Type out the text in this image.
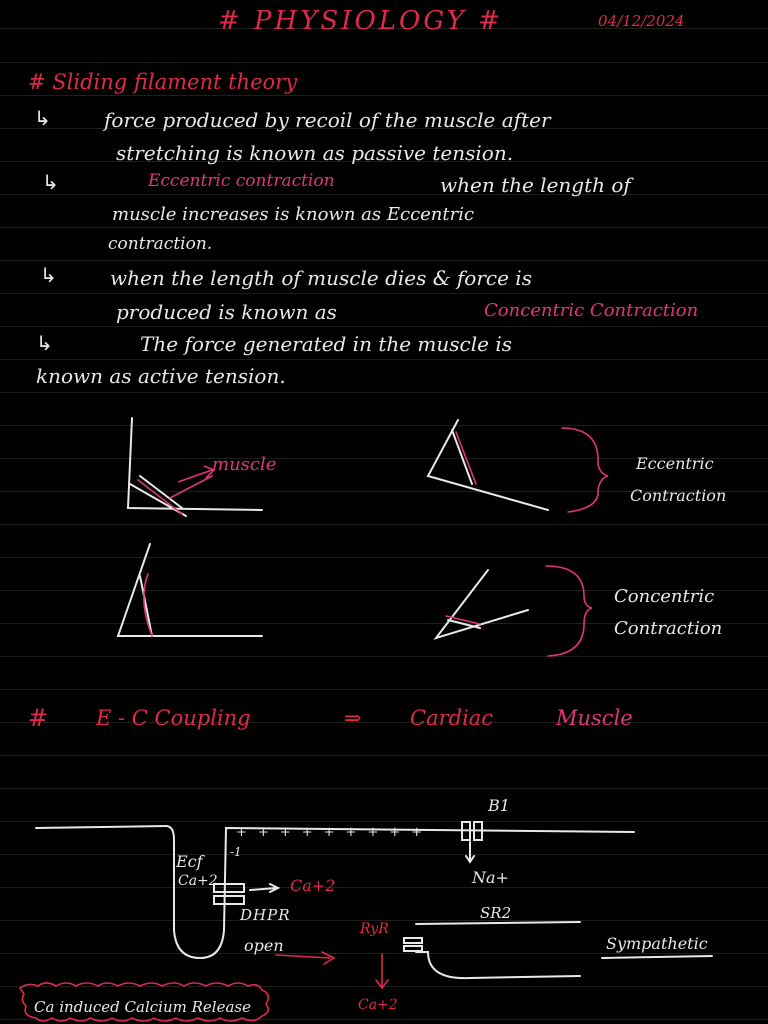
# PHYSIOLOGY #	04/12/2024
# Sliding filament theory
↳	force produced by recoil of the muscle after
stretching is known as passive tension.
↳	Eccentric contraction	when the length of
muscle increases is known as Eccentric
contraction.
↳	when the length of muscle dies & force is
produced is known as	Concentric Contraction
↳	The force generated in the muscle is
known as active tension.
muscle	Eccentric
Contraction
Concentric
Contraction
# E - C Coupling	⇒ Cardiac	Muscle
+++++++++
-1
B1
Na+
Ecf
Ca+2	Ca+2
DHPR
open
RyR
SR2
Sympathetic
Ca+2
Ca induced Calcium Release
